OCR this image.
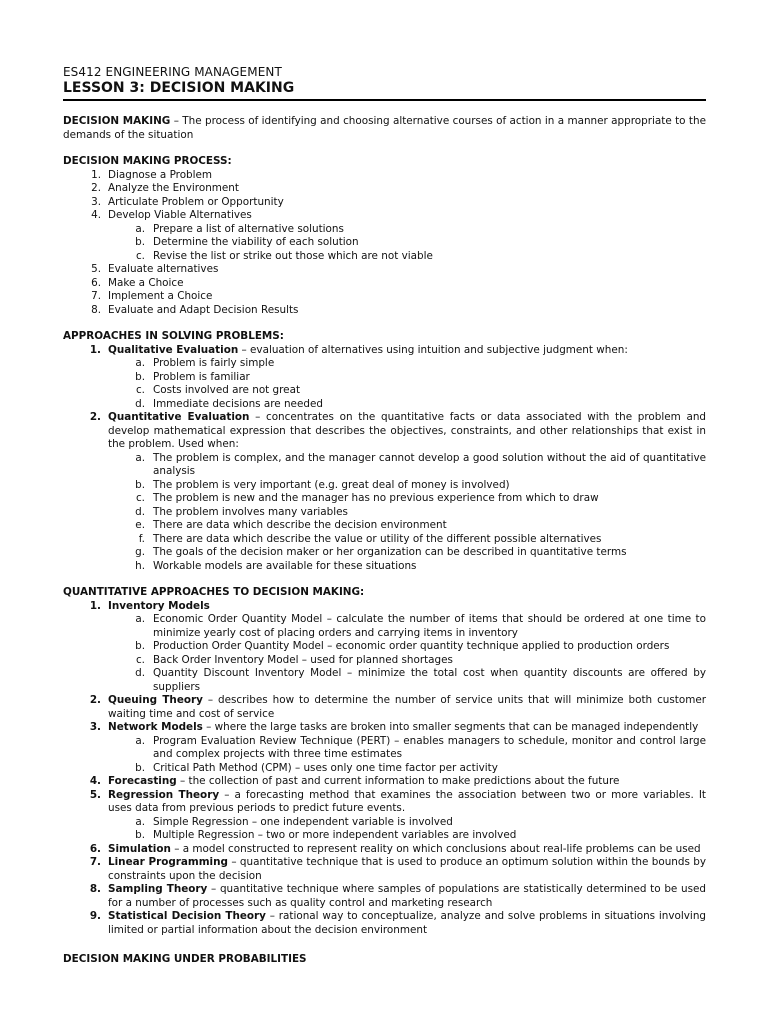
ES412 ENGINEERING MANAGEMENT
LESSON 3: DECISION MAKING

DECISION MAKING – The process of identifying and choosing alternative courses of action in a manner appropriate to the demands of the situation

DECISION MAKING PROCESS:
1. Diagnose a Problem
2. Analyze the Environment
3. Articulate Problem or Opportunity
4. Develop Viable Alternatives
a. Prepare a list of alternative solutions
b. Determine the viability of each solution
c. Revise the list or strike out those which are not viable
5. Evaluate alternatives
6. Make a Choice
7. Implement a Choice
8. Evaluate and Adapt Decision Results
APPROACHES IN SOLVING PROBLEMS:
1. Qualitative Evaluation – evaluation of alternatives using intuition and subjective judgment when:
a. Problem is fairly simple
b. Problem is familiar
c. Costs involved are not great
d. Immediate decisions are needed
2. Quantitative Evaluation – concentrates on the quantitative facts or data associated with the problem and develop mathematical expression that describes the objectives, constraints, and other relationships that exist in the problem. Used when:
a. The problem is complex, and the manager cannot develop a good solution without the aid of quantitative analysis
b. The problem is very important (e.g. great deal of money is involved)
c. The problem is new and the manager has no previous experience from which to draw
d. The problem involves many variables
e. There are data which describe the decision environment
f. There are data which describe the value or utility of the different possible alternatives
g. The goals of the decision maker or her organization can be described in quantitative terms
h. Workable models are available for these situations
QUANTITATIVE APPROACHES TO DECISION MAKING:
1. Inventory Models
a. Economic Order Quantity Model – calculate the number of items that should be ordered at one time to minimize yearly cost of placing orders and carrying items in inventory
b. Production Order Quantity Model – economic order quantity technique applied to production orders
c. Back Order Inventory Model – used for planned shortages
d. Quantity Discount Inventory Model – minimize the total cost when quantity discounts are offered by suppliers
2. Queuing Theory – describes how to determine the number of service units that will minimize both customer waiting time and cost of service
3. Network Models – where the large tasks are broken into smaller segments that can be managed independently
a. Program Evaluation Review Technique (PERT) – enables managers to schedule, monitor and control large and complex projects with three time estimates
b. Critical Path Method (CPM) – uses only one time factor per activity
4. Forecasting – the collection of past and current information to make predictions about the future
5. Regression Theory – a forecasting method that examines the association between two or more variables. It uses data from previous periods to predict future events.
a. Simple Regression – one independent variable is involved
b. Multiple Regression – two or more independent variables are involved
6. Simulation – a model constructed to represent reality on which conclusions about real-life problems can be used
7. Linear Programming – quantitative technique that is used to produce an optimum solution within the bounds by constraints upon the decision
8. Sampling Theory – quantitative technique where samples of populations are statistically determined to be used for a number of processes such as quality control and marketing research
9. Statistical Decision Theory – rational way to conceptualize, analyze and solve problems in situations involving limited or partial information about the decision environment
DECISION MAKING UNDER PROBABILITIES
